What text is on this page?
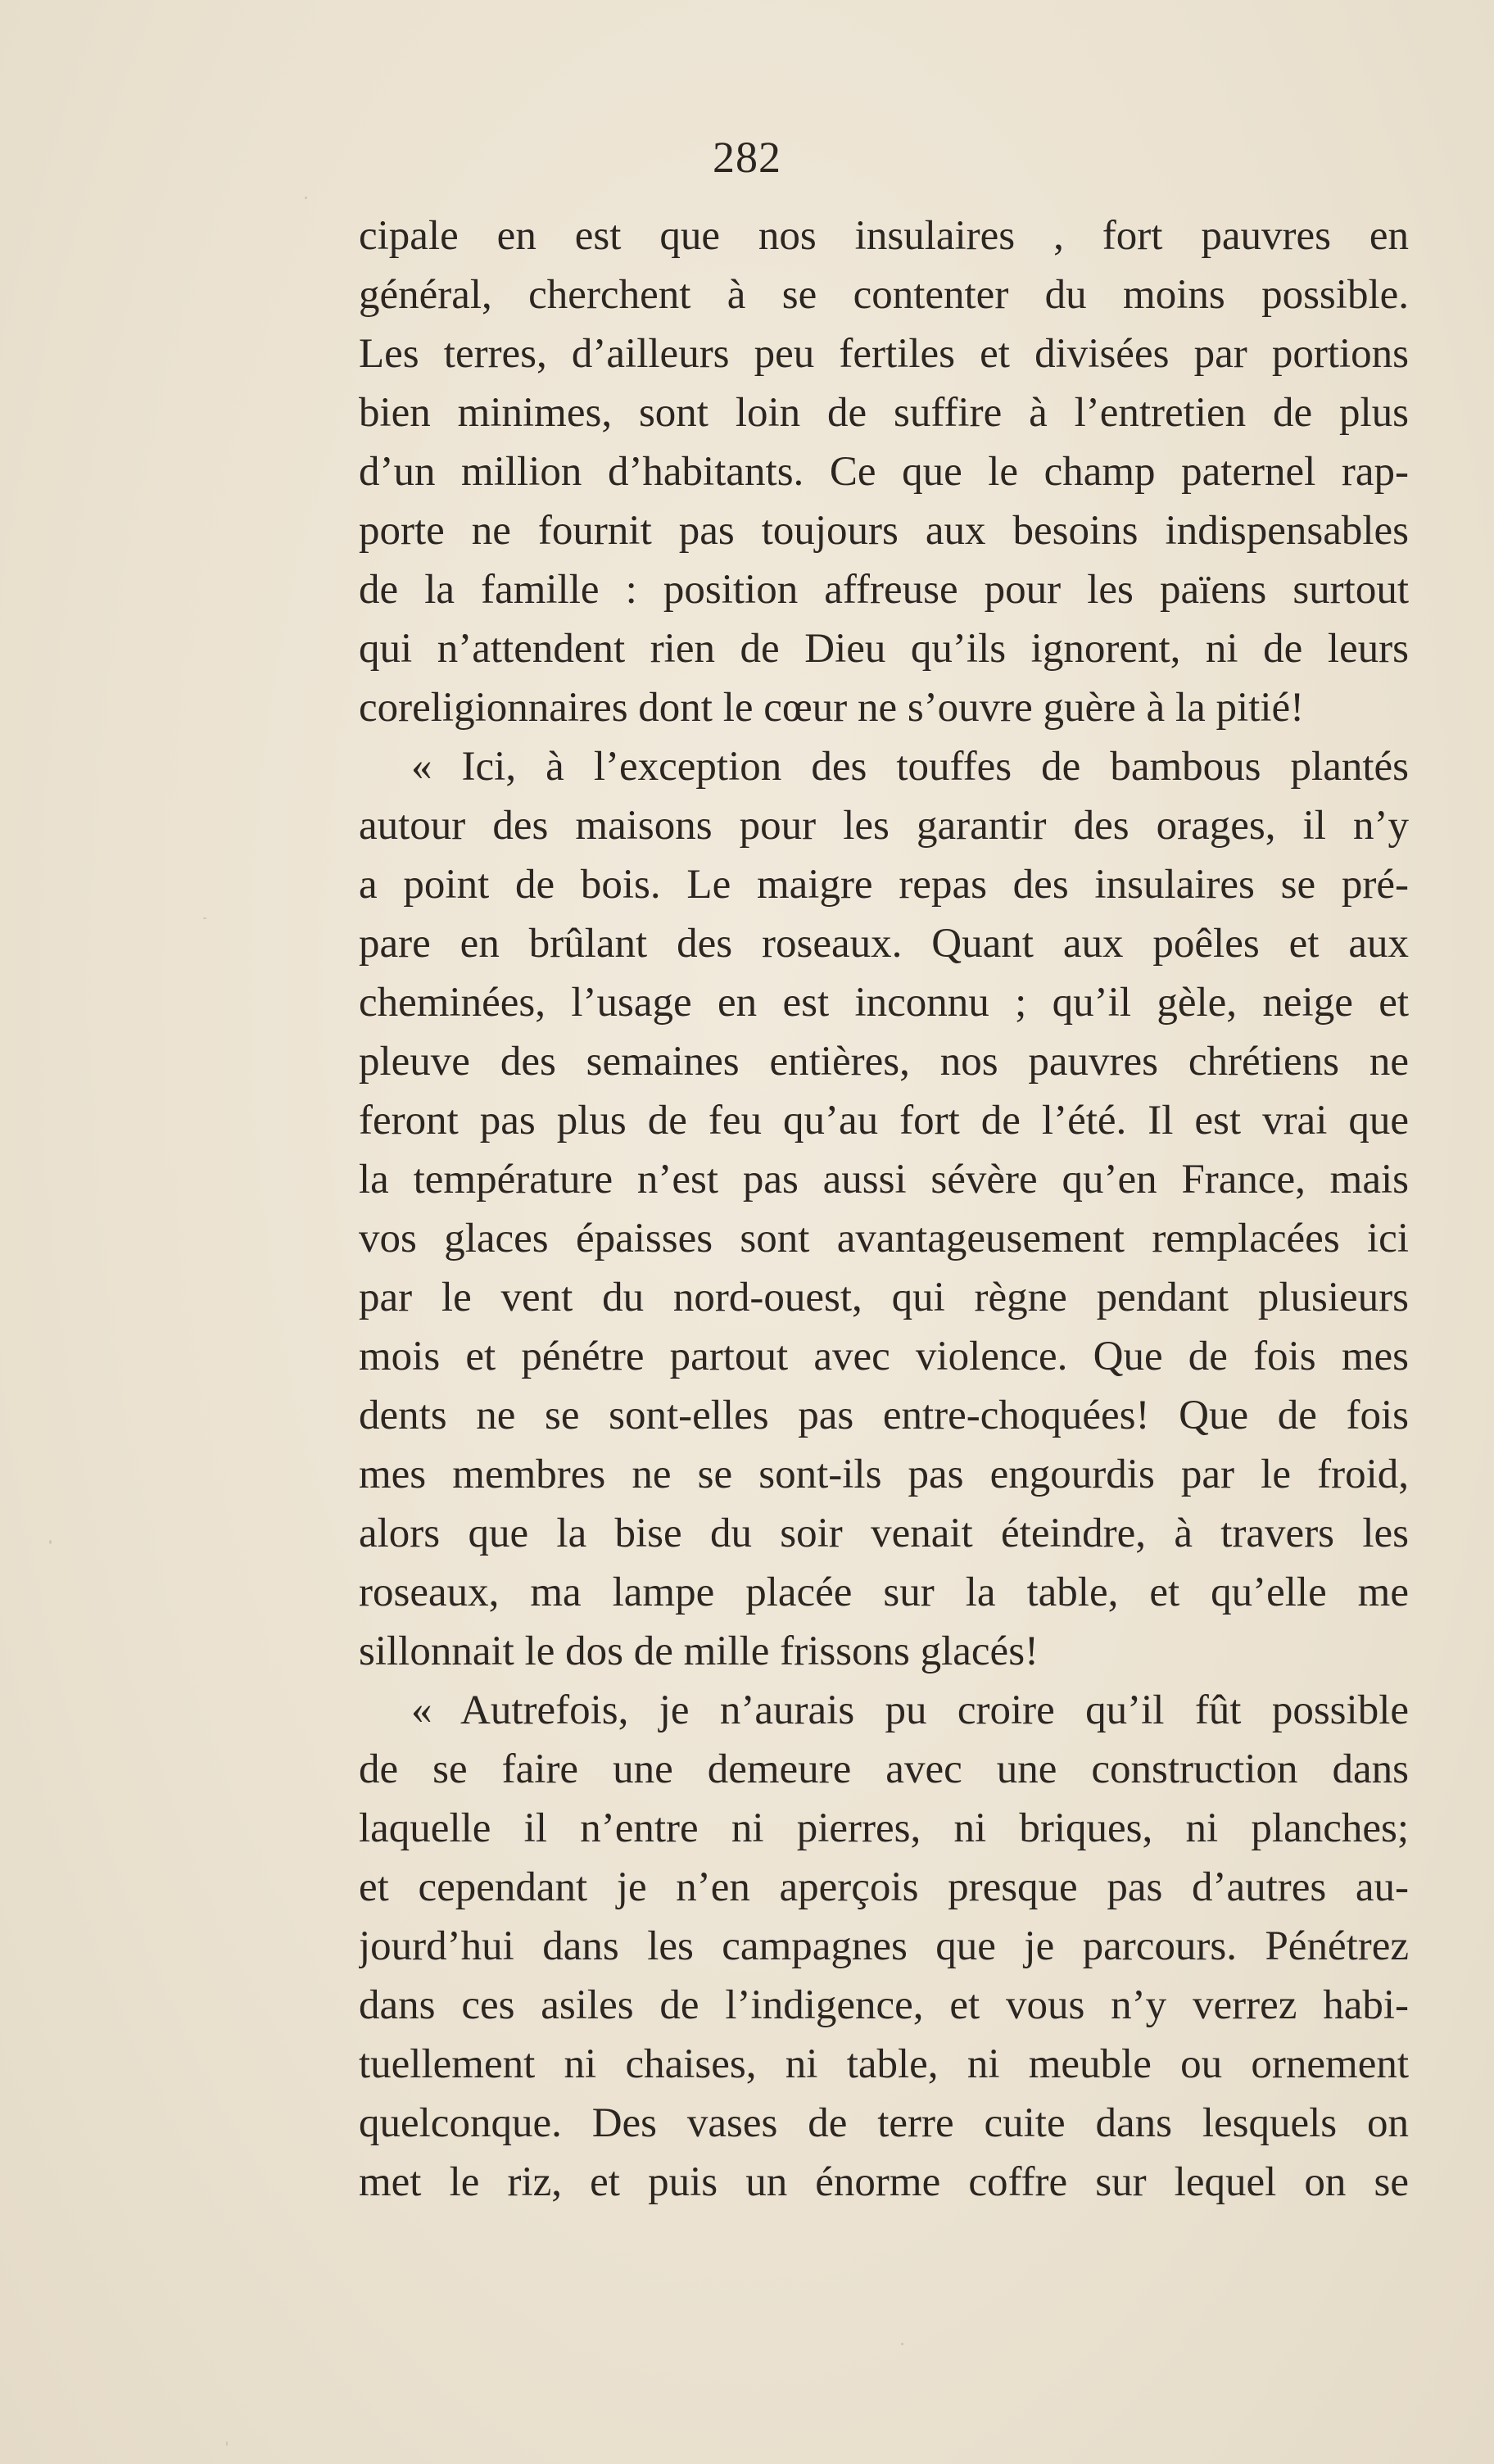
282
cipale en est que nos insulaires , fort pauvres en
général, cherchent à se contenter du moins possible.
Les terres, d’ailleurs peu fertiles et divisées par portions
bien minimes, sont loin de suffire à l’entretien de plus
d’un million d’habitants. Ce que le champ paternel rap-
porte ne fournit pas toujours aux besoins indispensables
de la famille : position affreuse pour les païens surtout
qui n’attendent rien de Dieu qu’ils ignorent, ni de leurs
coreligionnaires dont le cœur ne s’ouvre guère à la pitié!
« Ici, à l’exception des touffes de bambous plantés
autour des maisons pour les garantir des orages, il n’y
a point de bois. Le maigre repas des insulaires se pré-
pare en brûlant des roseaux. Quant aux poêles et aux
cheminées, l’usage en est inconnu ; qu’il gèle, neige et
pleuve des semaines entières, nos pauvres chrétiens ne
feront pas plus de feu qu’au fort de l’été. Il est vrai que
la température n’est pas aussi sévère qu’en France, mais
vos glaces épaisses sont avantageusement remplacées ici
par le vent du nord-ouest, qui règne pendant plusieurs
mois et pénétre partout avec violence. Que de fois mes
dents ne se sont-elles pas entre-choquées! Que de fois
mes membres ne se sont-ils pas engourdis par le froid,
alors que la bise du soir venait éteindre, à travers les
roseaux, ma lampe placée sur la table, et qu’elle me
sillonnait le dos de mille frissons glacés!
« Autrefois, je n’aurais pu croire qu’il fût possible
de se faire une demeure avec une construction dans
laquelle il n’entre ni pierres, ni briques, ni planches;
et cependant je n’en aperçois presque pas d’autres au-
jourd’hui dans les campagnes que je parcours. Pénétrez
dans ces asiles de l’indigence, et vous n’y verrez habi-
tuellement ni chaises, ni table, ni meuble ou ornement
quelconque. Des vases de terre cuite dans lesquels on
met le riz, et puis un énorme coffre sur lequel on se
